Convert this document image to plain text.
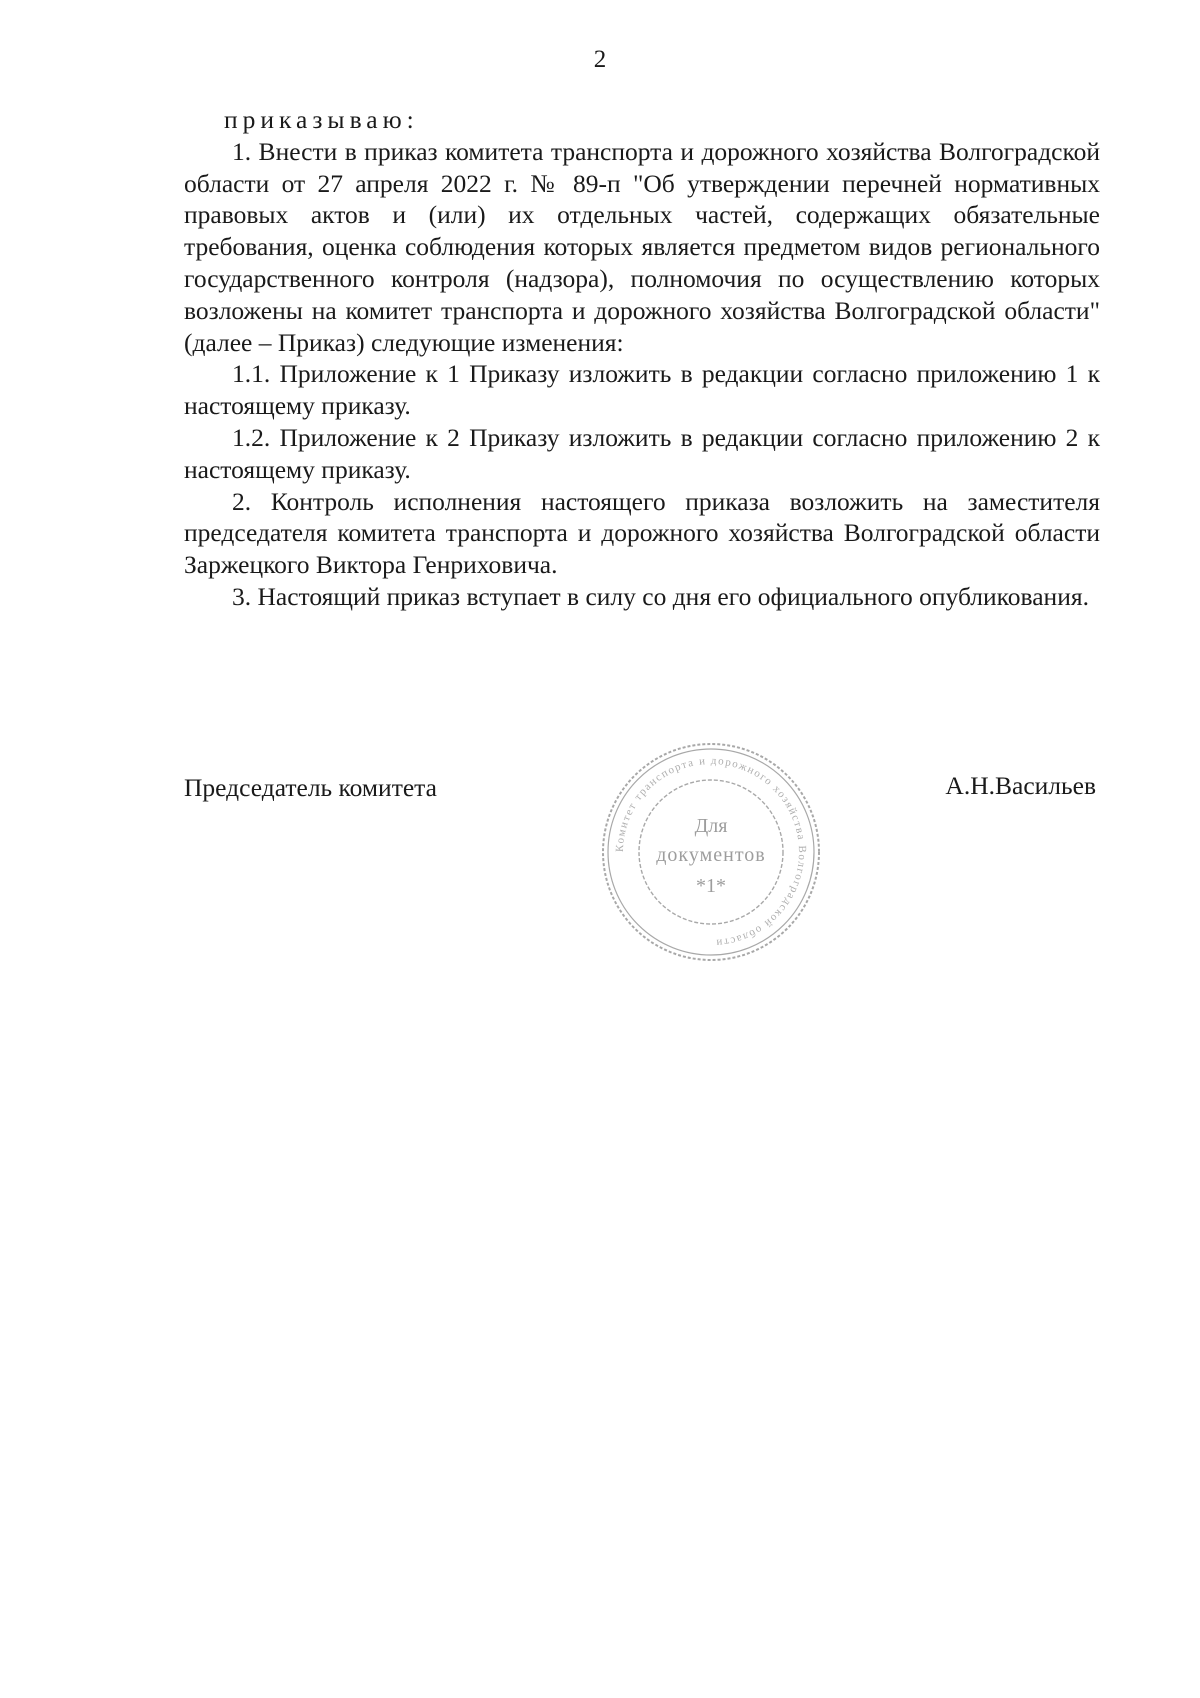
2

приказываю:

1. Внести в приказ комитета транспорта и дорожного хозяйства Волгоградской области от 27 апреля 2022 г. № 89-п "Об утверждении перечней нормативных правовых актов и (или) их отдельных частей, содержащих обязательные требования, оценка соблюдения которых является предметом видов регионального государственного контроля (надзора), полномочия по осуществлению которых возложены на комитет транспорта и дорожного хозяйства Волгоградской области" (далее – Приказ) следующие изменения:

1.1. Приложение к 1 Приказу изложить в редакции согласно приложению 1 к настоящему приказу.

1.2. Приложение к 2 Приказу изложить в редакции согласно приложению 2 к настоящему приказу.

2. Контроль исполнения настоящего приказа возложить на заместителя председателя комитета транспорта и дорожного хозяйства Волгоградской области Заржецкого Виктора Генриховича.

3. Настоящий приказ вступает в силу со дня его официального опубликования.

Председатель комитета	А.Н.Васильев
Комитет транспорта и дорожного хозяйства Волгоградской области
Для
документов
*1*
